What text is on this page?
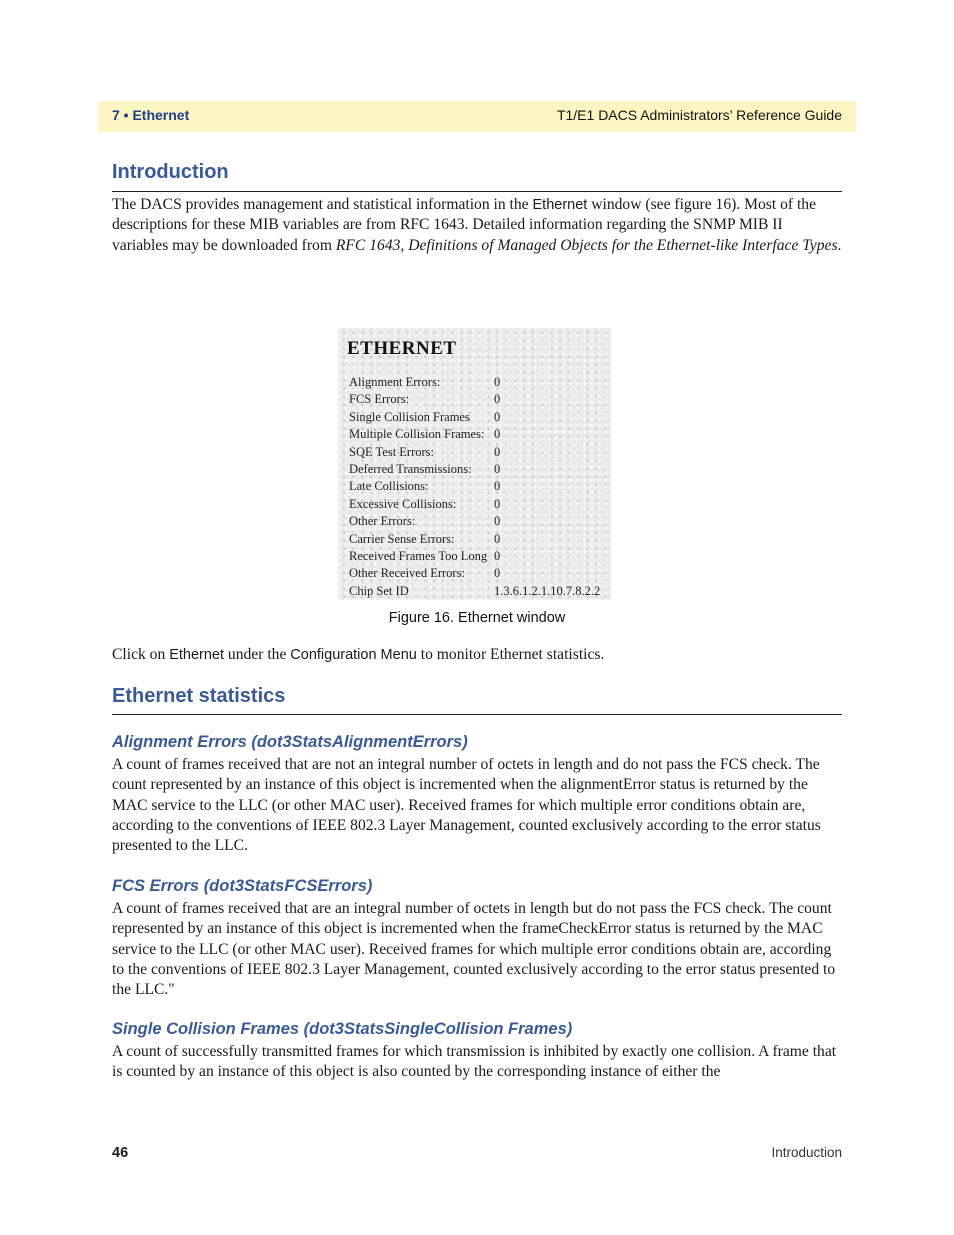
7 • Ethernet	T1/E1 DACS Administrators’ Reference Guide
Introduction

The DACS provides management and statistical information in the Ethernet window (see figure 16). Most of the descriptions for these MIB variables are from RFC 1643. Detailed information regarding the SNMP MIB II variables may be downloaded from RFC 1643, Definitions of Managed Objects for the Ethernet-like Interface Types.

ETHERNET
Alignment Errors:	0
FCS Errors:	0
Single Collision Frames 0
Multiple Collision Frames: 0
SQE Test Errors:	0
Deferred Transmissions: 0
Late Collisions:	0
Excessive Collisions:	0
Other Errors:	0
Carrier Sense Errors:	0
Received Frames Too Long 0
Other Received Errors: 0
Chip Set ID	1.3.6.1.2.1.10.7.8.2.2
Figure 16. Ethernet window

Click on Ethernet under the Configuration Menu to monitor Ethernet statistics.

Ethernet statistics
Alignment Errors (dot3StatsAlignmentErrors)

A count of frames received that are not an integral number of octets in length and do not pass the FCS check. The count represented by an instance of this object is incremented when the alignmentError status is returned by the MAC service to the LLC (or other MAC user). Received frames for which multiple error conditions obtain are, according to the conventions of IEEE 802.3 Layer Management, counted exclusively according to the error status presented to the LLC.

FCS Errors (dot3StatsFCSErrors)

A count of frames received that are an integral number of octets in length but do not pass the FCS check. The count represented by an instance of this object is incremented when the frameCheckError status is returned by the MAC service to the LLC (or other MAC user). Received frames for which multiple error conditions obtain are, according to the conventions of IEEE 802.3 Layer Management, counted exclusively according to the error status presented to the LLC."

Single Collision Frames (dot3StatsSingleCollision Frames)

A count of successfully transmitted frames for which transmission is inhibited by exactly one collision. A frame that is counted by an instance of this object is also counted by the corresponding instance of either the

46	Introduction
